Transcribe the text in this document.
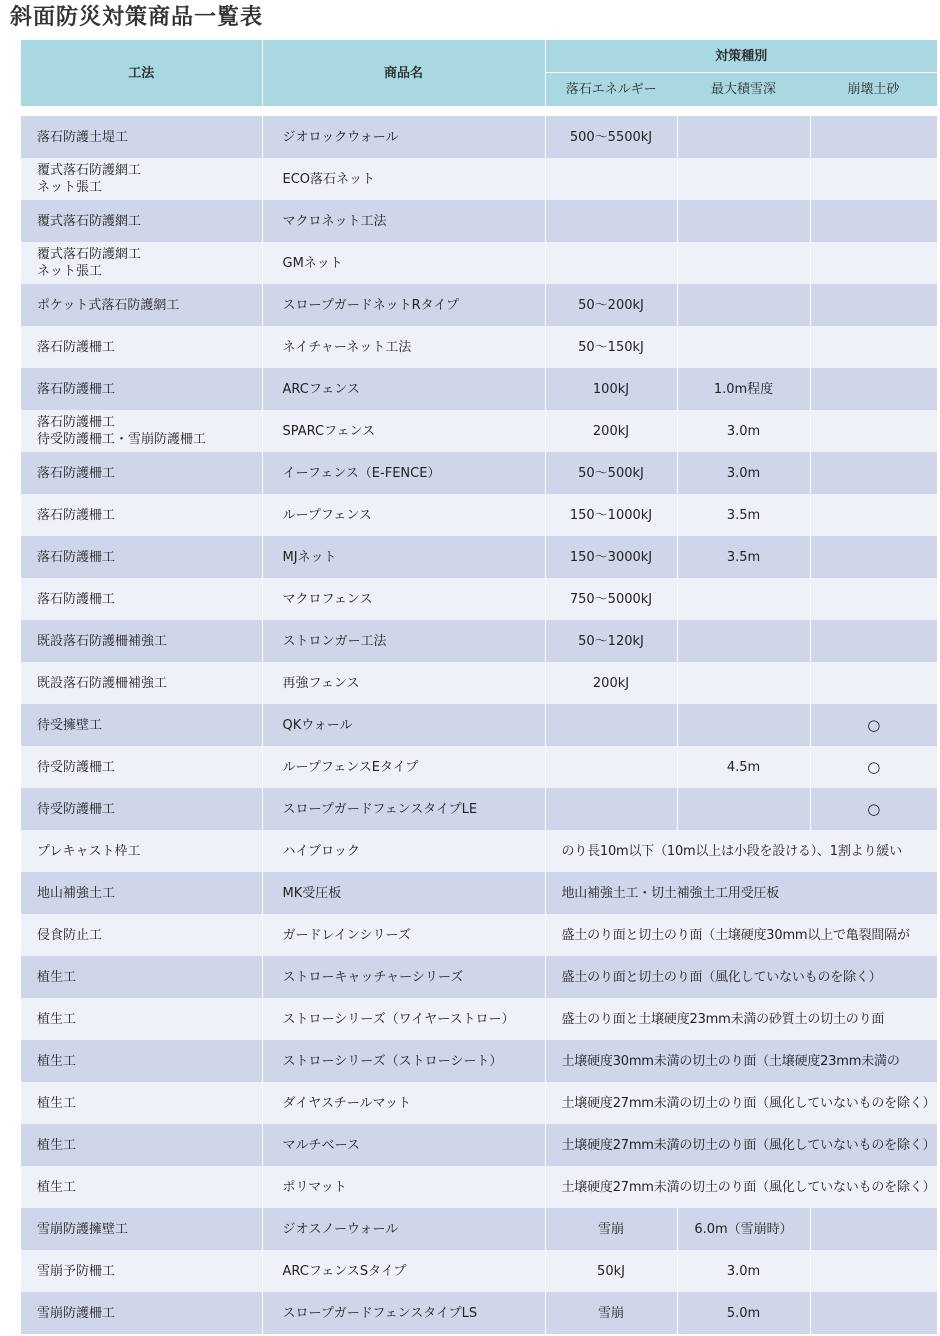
斜面防災対策商品一覧表
工法	商品名	対策種別		
		落石エネルギー	最大積雪深	崩壊土砂

落石防護土堤工	ジオロックウォール	500～5500kJ		

覆式落石防護網工
ネット張工	ECO落石ネット			

覆式落石防護網工	マクロネット工法			

覆式落石防護網工
ネット張工	GMネット			

ポケット式落石防護網工	スロープガードネットRタイプ	50～200kJ		

落石防護柵工	ネイチャーネット工法	50～150kJ		

落石防護柵工	ARCフェンス	100kJ	1.0m程度	

落石防護柵工
待受防護柵工・雪崩防護柵工	SPARCフェンス	200kJ	3.0m	

落石防護柵工	イーフェンス（E-FENCE）	50～500kJ	3.0m	

落石防護柵工	ループフェンス	150～1000kJ	3.5m	

落石防護柵工	MJネット	150～3000kJ	3.5m	

落石防護柵工	マクロフェンス	750～5000kJ		

既設落石防護柵補強工	ストロンガー工法	50～120kJ		

既設落石防護柵補強工	再強フェンス	200kJ		

待受擁壁工	QKウォール			○

待受防護柵工	ループフェンスEタイプ		4.5m	○

待受防護柵工	スロープガードフェンスタイプLE			○

プレキャスト枠工	ハイブロック	のり長10m以下（10m以上は小段を設ける）、1割より緩い		

地山補強土工	MK受圧板	地山補強土工・切土補強土工用受圧板		

侵食防止工	ガードレインシリーズ	盛土のり面と切土のり面（土壌硬度30mm以上で亀裂間隔が		

植生工	ストローキャッチャーシリーズ	盛土のり面と切土のり面（風化していないものを除く）		

植生工	ストローシリーズ（ワイヤーストロー）	盛土のり面と土壌硬度23mm未満の砂質土の切土のり面		

植生工	ストローシリーズ（ストローシート）	土壌硬度30mm未満の切土のり面（土壌硬度23mm未満の		

植生工	ダイヤスチールマット	土壌硬度27mm未満の切土のり面（風化していないものを除く）		

植生工	マルチベース	土壌硬度27mm未満の切土のり面（風化していないものを除く）		

植生工	ポリマット	土壌硬度27mm未満の切土のり面（風化していないものを除く）		

雪崩防護擁壁工	ジオスノーウォール	雪崩	6.0m（雪崩時）	

雪崩予防柵工	ARCフェンスSタイプ	50kJ	3.0m	

雪崩防護柵工	スロープガードフェンスタイプLS	雪崩	5.0m	
